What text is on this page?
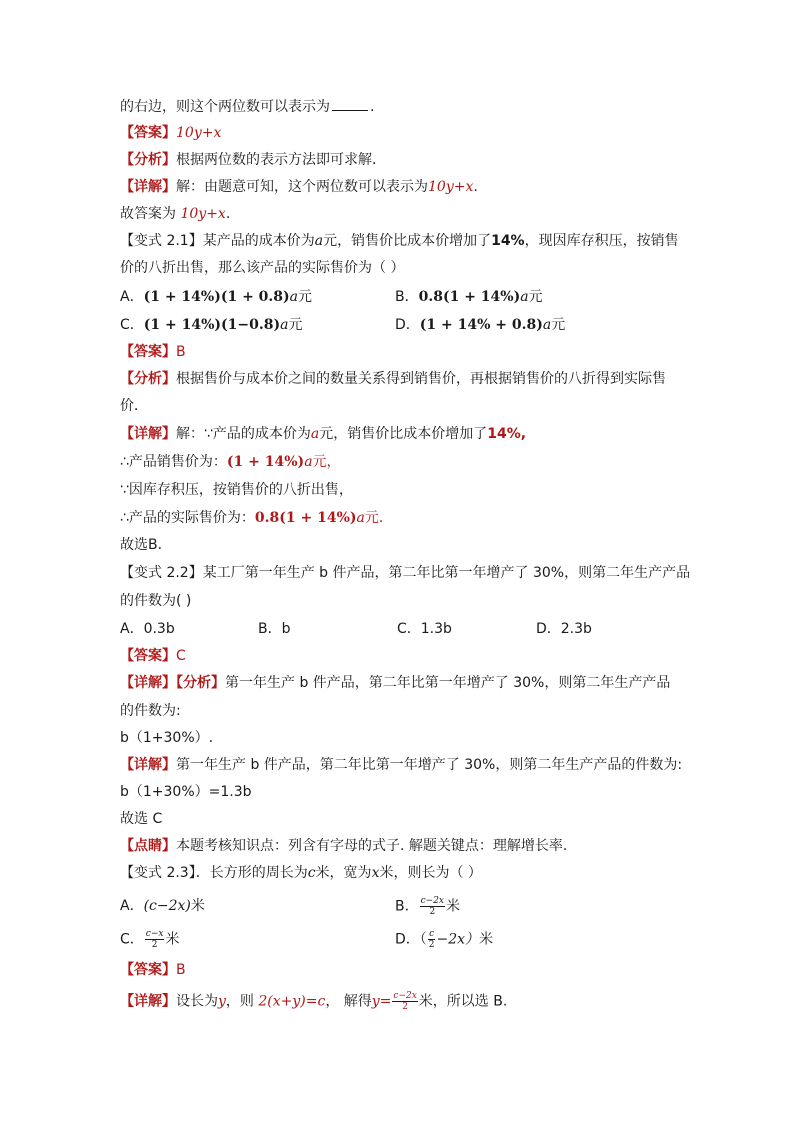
的右边，则这个两位数可以表示为	.
【答案】10y+x
【分析】根据两位数的表示方法即可求解．
【详解】解：由题意可知，这个两位数可以表示为10y+x.
故答案为 10y+x.
【变式 2.1】某产品的成本价为a元，销售价比成本价增加了14%，现因库存积压，按销售
价的八折出售，那么该产品的实际售价为（ ）
A．(1 + 14%)(1 + 0.8)a元	B．0.8(1 + 14%)a元
C．(1 + 14%)(1−0.8)a元	D．(1 + 14% + 0.8)a元
【答案】B
【分析】根据售价与成本价之间的数量关系得到销售价，再根据销售价的八折得到实际售
价．
【详解】解：∵产品的成本价为a元，销售价比成本价增加了14%,
∴产品销售价为：(1 + 14%)a元，
∵因库存积压，按销售价的八折出售，
∴产品的实际售价为：0.8(1 + 14%)a元．
故选B．
【变式 2.2】某工厂第一年生产 b 件产品，第二年比第一年增产了 30%，则第二年生产产品
的件数为( )
A．0.3b	B．b	C．1.3b	D．2.3b
【答案】C
【详解】【分析】第一年生产 b 件产品，第二年比第一年增产了 30%，则第二年生产产品
的件数为:
b（1+30%）.
【详解】第一年生产 b 件产品，第二年比第一年增产了 30%，则第二年生产产品的件数为:
b（1+30%）=1.3b
故选 C
【点睛】本题考核知识点：列含有字母的式子. 解题关键点：理解增长率.
【变式 2.3】．长方形的周长为c米，宽为x米，则长为（ ）
A．(c−2x)米	B． $\frac{c-2x}{2}$ 米
C． $\frac{c-x}{2}$ 米	D．（ $\frac{c}{2} -2x$）米
【答案】B
【详解】设长为y，则 2(x+y)=c， 解得$y= \frac{c-2x}{2}$ 米，所以选 B.
